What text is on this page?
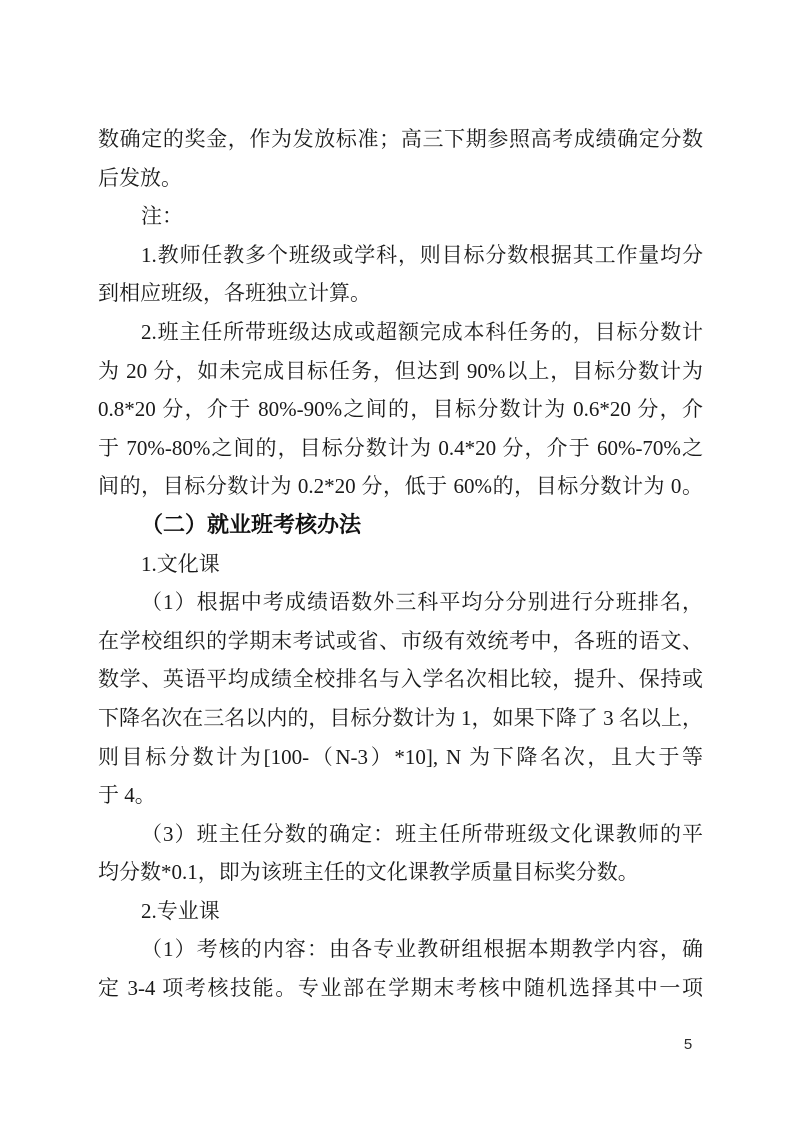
数确定的奖金，作为发放标准；高三下期参照高考成绩确定分数
后发放。
注：
1.教师任教多个班级或学科，则目标分数根据其工作量均分
到相应班级，各班独立计算。
2.班主任所带班级达成或超额完成本科任务的，目标分数计
为 20 分，如未完成目标任务，但达到 90%以上，目标分数计为
0.8*20 分，介于 80%-90%之间的，目标分数计为 0.6*20 分，介
于 70%-80%之间的，目标分数计为 0.4*20 分，介于 60%-70%之
间的，目标分数计为 0.2*20 分，低于 60%的，目标分数计为 0。
（二）就业班考核办法
1.文化课
（1）根据中考成绩语数外三科平均分分别进行分班排名，
在学校组织的学期末考试或省、市级有效统考中，各班的语文、
数学、英语平均成绩全校排名与入学名次相比较，提升、保持或
下降名次在三名以内的，目标分数计为 1，如果下降了 3 名以上，
则目标分数计为[100-（N-3）*10], N 为下降名次，且大于等
于 4。
（3）班主任分数的确定：班主任所带班级文化课教师的平
均分数*0.1，即为该班主任的文化课教学质量目标奖分数。
2.专业课
（1）考核的内容：由各专业教研组根据本期教学内容，确
定 3-4 项考核技能。专业部在学期末考核中随机选择其中一项
5
